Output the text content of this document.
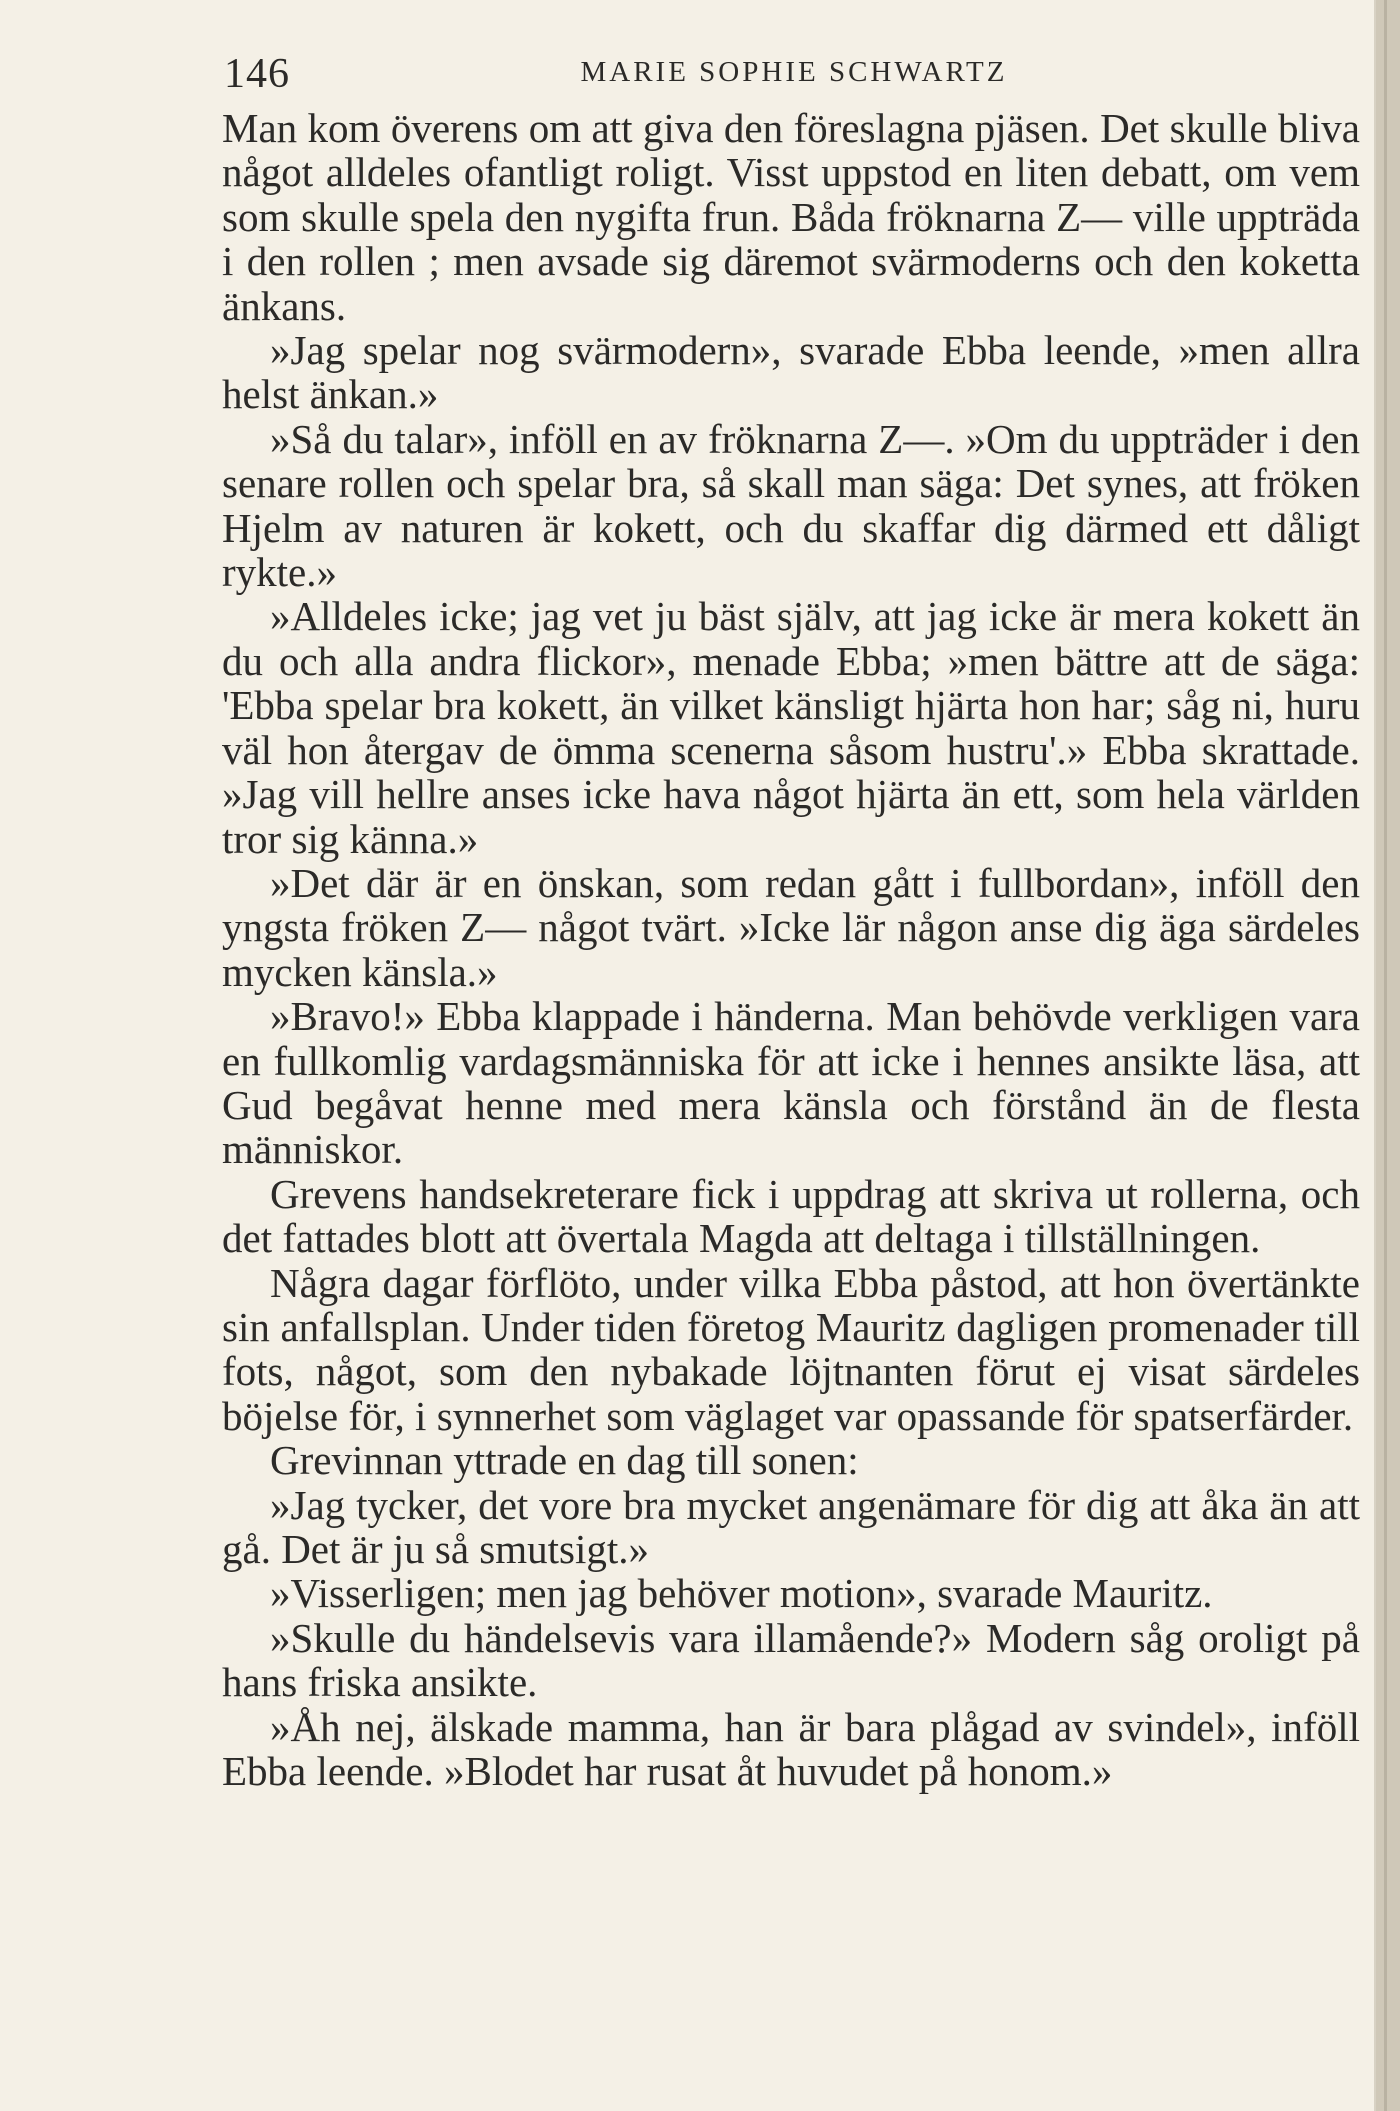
146	MARIE SOPHIE SCHWARTZ

Man kom överens om att giva den föreslagna pjäsen. Det skulle bliva något alldeles ofantligt roligt. Visst uppstod en liten debatt, om vem som skulle spela den nygifta frun. Båda fröknarna Z— ville uppträda i den rollen ; men avsade sig däremot svärmoderns och den koketta änkans.

»Jag spelar nog svärmodern», svarade Ebba leende, »men allra helst änkan.»

»Så du talar», inföll en av fröknarna Z—. »Om du uppträder i den senare rollen och spelar bra, så skall man säga: Det synes, att fröken Hjelm av naturen är kokett, och du skaffar dig därmed ett dåligt rykte.»

»Alldeles icke; jag vet ju bäst själv, att jag icke är mera kokett än du och alla andra flickor», menade Ebba; »men bättre att de säga: 'Ebba spelar bra kokett, än vilket känsligt hjärta hon har; såg ni, huru väl hon återgav de ömma scenerna såsom hustru'.» Ebba skrattade. »Jag vill hellre anses icke hava något hjärta än ett, som hela världen tror sig känna.»

»Det där är en önskan, som redan gått i fullbordan», inföll den yngsta fröken Z— något tvärt. »Icke lär någon anse dig äga särdeles mycken känsla.»

»Bravo!» Ebba klappade i händerna. Man behövde verkligen vara en fullkomlig vardagsmänniska för att icke i hennes ansikte läsa, att Gud begåvat henne med mera känsla och förstånd än de flesta människor.

Grevens handsekreterare fick i uppdrag att skriva ut rollerna, och det fattades blott att övertala Magda att deltaga i tillställningen.

Några dagar förflöto, under vilka Ebba påstod, att hon övertänkte sin anfallsplan. Under tiden företog Mauritz dagligen promenader till fots, något, som den nybakade löjtnanten förut ej visat särdeles böjelse för, i synnerhet som väglaget var opassande för spatserfärder.

Grevinnan yttrade en dag till sonen:

»Jag tycker, det vore bra mycket angenämare för dig att åka än att gå. Det är ju så smutsigt.»

»Visserligen; men jag behöver motion», svarade Mauritz.

»Skulle du händelsevis vara illamående?» Modern såg oroligt på hans friska ansikte.

»Åh nej, älskade mamma, han är bara plågad av svindel», inföll Ebba leende. »Blodet har rusat åt huvudet på honom.»
